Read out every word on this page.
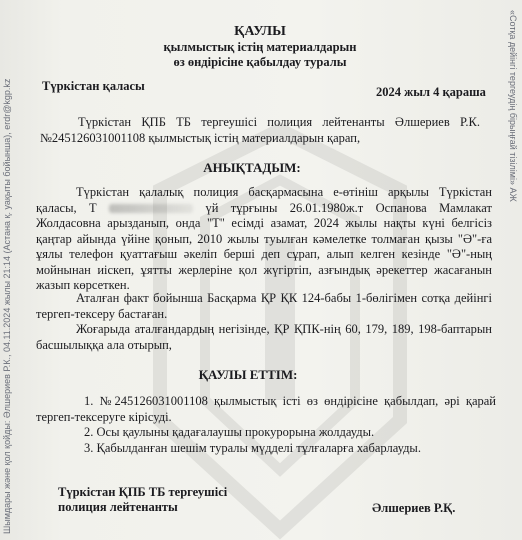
Шымдары және қол қойды: Әлшериев Р.К., 04.11.2024 жылы 21:14 (Астана қ. уақыты бойынша), erdr@kgp.kz	«Сотқа дейінгі тергеудің бірыңғай тізілімі» АЖ
ҚАУЛЫ
қылмыстық істің материалдарын
өз өндірісіне қабылдау туралы
Түркістан қаласы	2024 жыл 4 қараша
Түркістан ҚПБ ТБ тергеушісі полиция лейтенанты Әлшериев Р.К. №245126031001108 қылмыстық істің материалдарын қарап,
АНЫҚТАДЫМ:
Түркістан қалалық полиция басқармасына е-өтініш арқылы Түркістан қаласы, Т	үй тұрғыны 26.01.1980ж.т Оспанова Мамлакат Жолдасовна арызданып, онда "Т" есімді азамат, 2024 жылы нақты күні белгісіз қаңтар айында үйіне қонып, 2010 жылы туылған кәмелетке толмаған қызы "Ә"-ға ұялы телефон қуаттағыш әкеліп берші деп сұрап, алып келген кезінде "Ә"-ның мойнынан иіскеп, ұятты жерлеріне қол жүгіртіп, азғындық әрекеттер жасағанын жазып көрсеткен.
Аталған факт бойынша Басқарма ҚР ҚК 124-бабы 1-бөлігімен сотқа дейінгі тергеп-тексеру бастаған.
Жоғарыда аталғандардың негізінде, ҚР ҚПК-нің 60, 179, 189, 198-баптарын басшылыққа ала отырып,
ҚАУЛЫ ЕТТІМ:
1. №245126031001108 қылмыстық істі өз өндірісіне қабылдап, әрі қарай тергеп-тексеруге кірісуді.
2. Осы қаулыны қадағалаушы прокурорына жолдауды.
3. Қабылданған шешім туралы мүдделі тұлғаларға хабарлауды.
Түркістан ҚПБ ТБ тергеушісі
полиция лейтенанты	Әлшериев Р.Қ.
